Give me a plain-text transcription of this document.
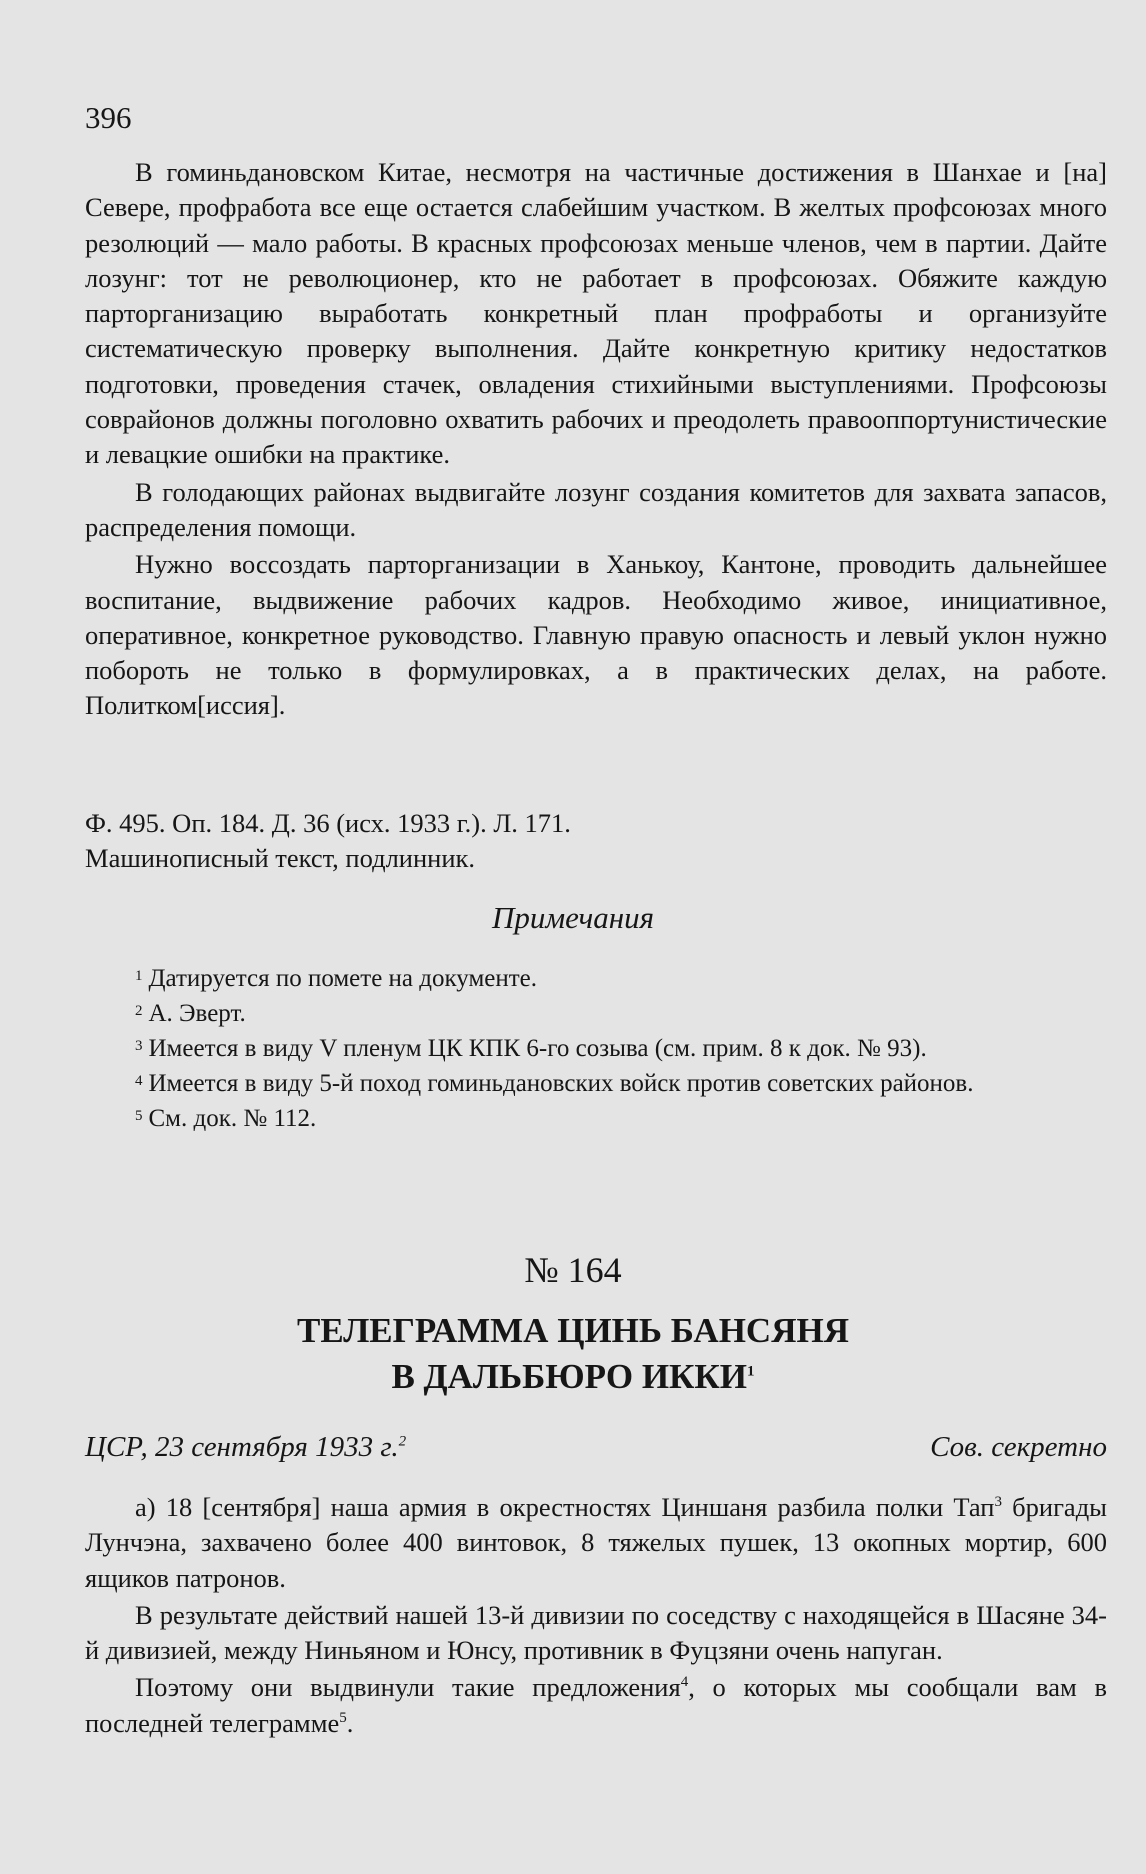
396

В гоминьдановском Китае, несмотря на частичные достижения в Шанхае и [на] Севере, профработа все еще остается слабейшим участком. В желтых профсоюзах много резолюций — мало работы. В красных профсоюзах меньше членов, чем в партии. Дайте лозунг: тот не революционер, кто не работает в профсоюзах. Обяжите каждую парторганизацию выработать конкретный план профработы и организуйте систематическую проверку выполнения. Дайте конкретную критику недостатков подготовки, проведения стачек, овладения стихийными выступлениями. Профсоюзы совpайонов должны поголовно охватить рабочих и преодолеть правооппортунистические и левацкие ошибки на практике.

В голодающих районах выдвигайте лозунг создания комитетов для захвата запасов, распределения помощи.

Нужно воссоздать парторганизации в Ханькоу, Кантоне, проводить дальнейшее воспитание, выдвижение рабочих кадров. Необходимо живое, инициативное, оперативное, конкретное руководство. Главную правую опасность и левый уклон нужно побороть не только в формулировках, а в практических делах, на работе. Политком[иссия].

Ф. 495. Оп. 184. Д. 36 (исх. 1933 г.). Л. 171.
Машинописный текст, подлинник.
Примечания

$^1$ Датируется по помете на документе.

$^2$ А. Эверт.

$^3$ Имеется в виду V пленум ЦК КПК 6-го созыва (см. прим. 8 к док. № 93).

$^4$ Имеется в виду 5-й поход гоминьдановских войск против советских районов.

$^5$ См. док. № 112.

№ 164
ТЕЛЕГРАММА ЦИНЬ БАНСЯНЯ
В ДАЛЬБЮРО ИККИ$^1$
ЦСР, 23 сентября 1933 г.$^2$	Сов. секретно

а) 18 [сентября] наша армия в окрестностях Циншаня разбила полки Тап$^3$ бригады Лунчэна, захвачено более 400 винтовок, 8 тяжелых пушек, 13 окопных мортир, 600 ящиков патронов.

В результате действий нашей 13-й дивизии по соседству с находящейся в Шасяне 34-й дивизией, между Ниньяном и Юнсу, противник в Фуцзяни очень напуган.

Поэтому они выдвинули такие предложения$^4$, о которых мы сообщали вам в последней телеграмме$^5$.
